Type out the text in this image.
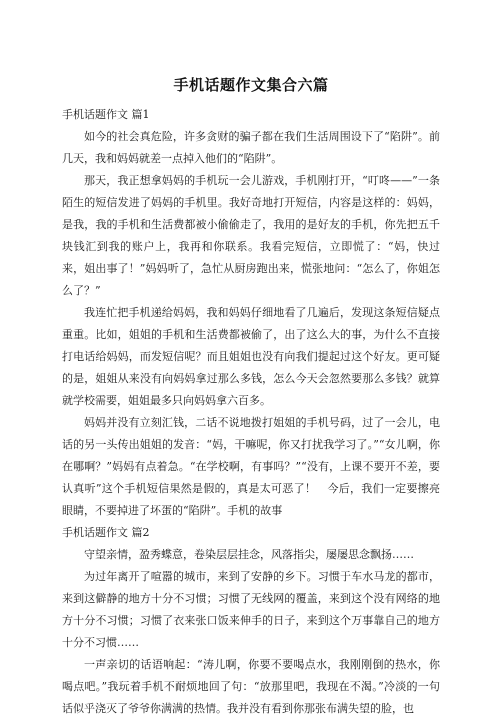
手机话题作文集合六篇

手机话题作文 篇1

如今的社会真危险，许多贪财的骗子都在我们生活周围设下了“陷阱”。前几天，我和妈妈就差一点掉入他们的“陷阱”。

那天，我正想拿妈妈的手机玩一会儿游戏，手机刚打开，“叮咚——”一条陌生的短信发进了妈妈的手机里。我好奇地打开短信，内容是这样的：妈妈，是我，我的手机和生活费都被小偷偷走了，我用的是好友的手机，你先把五千块钱汇到我的账户上，我再和你联系。我看完短信，立即慌了：“妈，快过来，姐出事了！”妈妈听了，急忙从厨房跑出来，慌张地问：“怎么了，你姐怎么了？”

我连忙把手机递给妈妈，我和妈妈仔细地看了几遍后，发现这条短信疑点重重。比如，姐姐的手机和生活费都被偷了，出了这么大的事，为什么不直接打电话给妈妈，而发短信呢？而且姐姐也没有向我们提起过这个好友。更可疑的是，姐姐从来没有向妈妈拿过那么多钱，怎么今天会忽然要那么多钱？就算就学校需要，姐姐最多只向妈妈拿六百多。

妈妈并没有立刻汇钱，二话不说地拨打姐姐的手机号码，过了一会儿，电话的另一头传出姐姐的发音：“妈，干嘛呢，你又打扰我学习了。”“女儿啊，你在哪啊？”妈妈有点着急。“在学校啊，有事吗？”“没有，上课不要开不差，要认真听”这个手机短信果然是假的，真是太可恶了！　今后，我们一定要擦亮眼睛，不要掉进了坏蛋的“陷阱”。手机的故事

手机话题作文 篇2

守望亲情，盈秀蝶意，卷染层层挂念，风落指尖，屡屡思念飘扬……

为过年离开了喧嚣的城市，来到了安静的乡下。习惯于车水马龙的都市，来到这僻静的地方十分不习惯；习惯了无线网的覆盖，来到这个没有网络的地方十分不习惯；习惯了衣来张口饭来伸手的日子，来到这个万事靠自己的地方十分不习惯……

一声亲切的话语响起：“涛儿啊，你要不要喝点水，我刚刚倒的热水，你喝点吧。”我玩着手机不耐烦地回了句：“放那里吧，我现在不渴。”冷淡的一句话似乎浇灭了爷爷你满满的热情。我并没有看到你那张布满失望的脸，也
